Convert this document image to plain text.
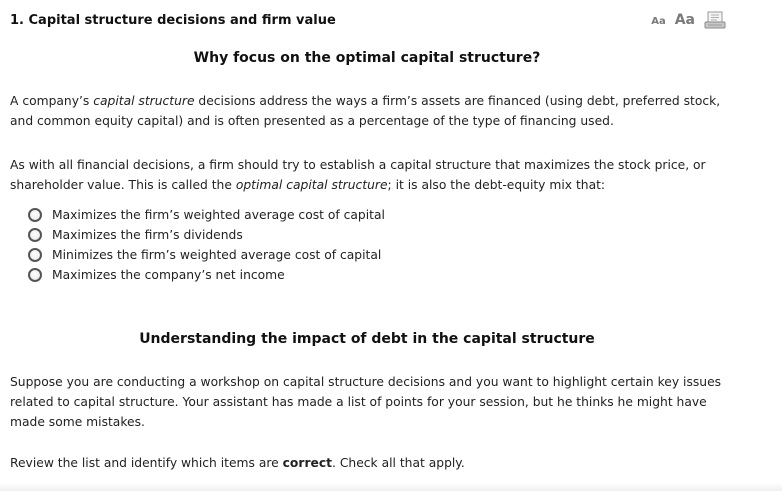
1. Capital structure decisions and firm value	Aa Aa
Why focus on the optimal capital structure?

A company’s capital structure decisions address the ways a firm’s assets are financed (using debt, preferred stock, and common equity capital) and is often presented as a percentage of the type of financing used.

As with all financial decisions, a firm should try to establish a capital structure that maximizes the stock price, or shareholder value. This is called the optimal capital structure; it is also the debt-equity mix that:

Maximizes the firm’s weighted average cost of capital
Maximizes the firm’s dividends
Minimizes the firm’s weighted average cost of capital
Maximizes the company’s net income
Understanding the impact of debt in the capital structure

Suppose you are conducting a workshop on capital structure decisions and you want to highlight certain key issues related to capital structure. Your assistant has made a list of points for your session, but he thinks he might have made some mistakes.

Review the list and identify which items are correct. Check all that apply.
